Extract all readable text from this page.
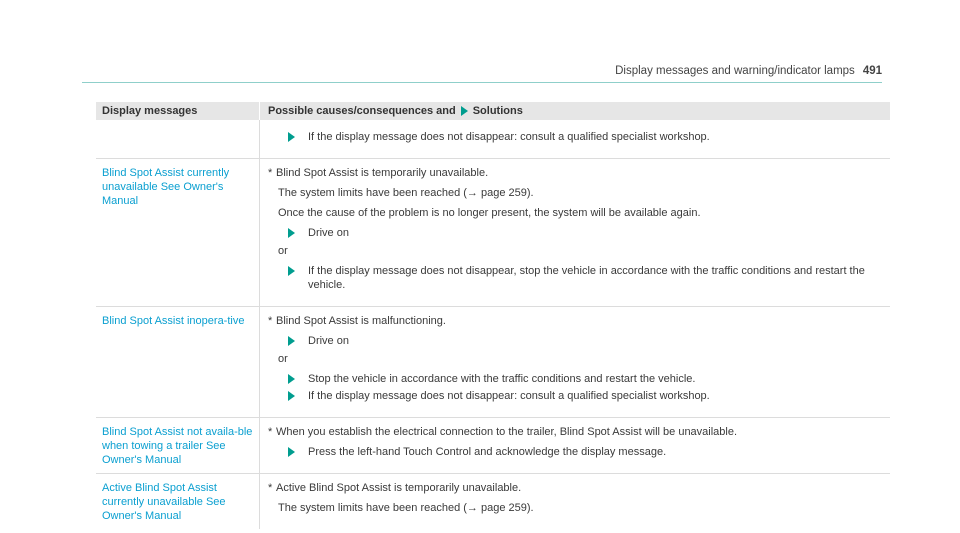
Display messages and warning/indicator lamps 491
Display messages	Possible causes/consequences and Solutions
If the display message does not disappear: consult a qualified specialist workshop.
Blind Spot Assist currently unavailable See Owner's Manual
* Blind Spot Assist is temporarily unavailable.
The system limits have been reached (→ page 259).
Once the cause of the problem is no longer present, the system will be available again.
Drive on
or
If the display message does not disappear, stop the vehicle in accordance with the traffic conditions and restart the vehicle.
Blind Spot Assist inopera-tive	* Blind Spot Assist is malfunctioning.
Drive on
or
Stop the vehicle in accordance with the traffic conditions and restart the vehicle.
If the display message does not disappear: consult a qualified specialist workshop.
Blind Spot Assist not availa-ble when towing a trailer See Owner's Manual
* When you establish the electrical connection to the trailer, Blind Spot Assist will be unavailable.
Press the left-hand Touch Control and acknowledge the display message.
Active Blind Spot Assist currently unavailable See Owner's Manual
* Active Blind Spot Assist is temporarily unavailable.
The system limits have been reached (→ page 259).
